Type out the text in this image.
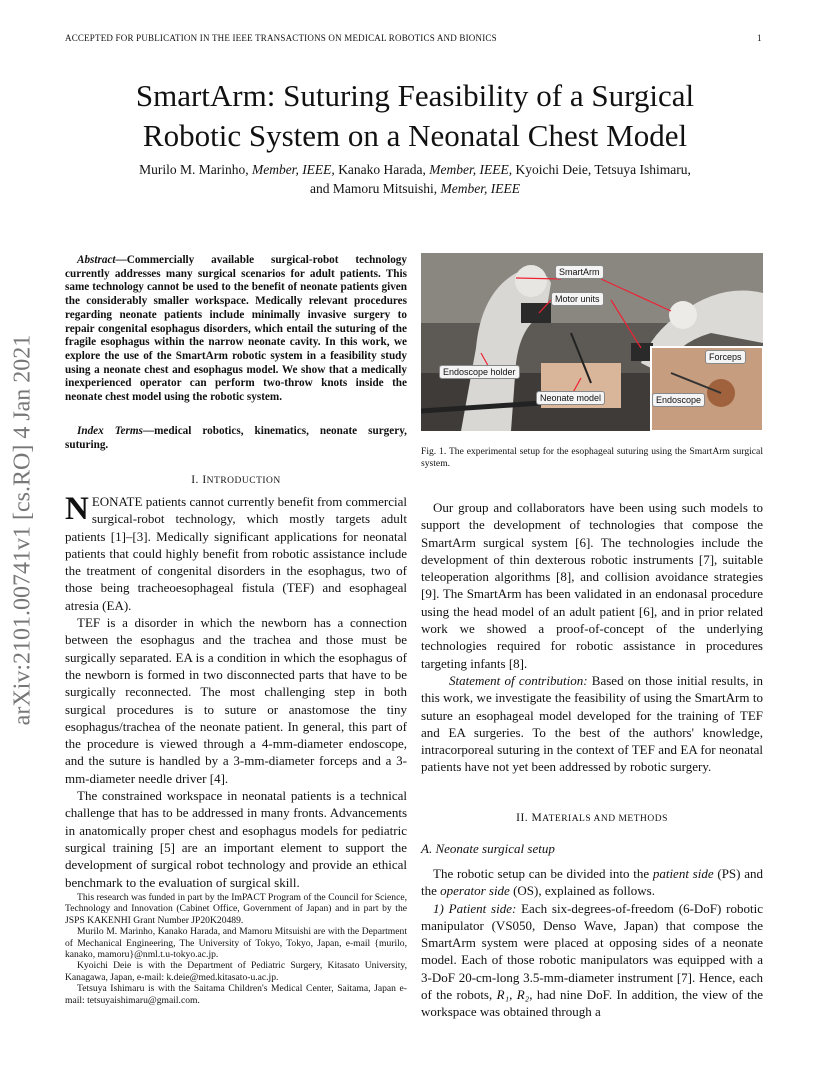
ACCEPTED FOR PUBLICATION IN THE IEEE TRANSACTIONS ON MEDICAL ROBOTICS AND BIONICS	1
SmartArm: Suturing Feasibility of a Surgical
Robotic System on a Neonatal Chest Model
Murilo M. Marinho, Member, IEEE, Kanako Harada, Member, IEEE, Kyoichi Deie, Tetsuya Ishimaru,
and Mamoru Mitsuishi, Member, IEEE
arXiv:2101.00741v1 [cs.RO] 4 Jan 2021
Abstract—Commercially available surgical-robot technology currently addresses many surgical scenarios for adult patients. This same technology cannot be used to the benefit of neonate patients given the considerably smaller workspace. Medically relevant procedures regarding neonate patients include minimally invasive surgery to repair congenital esophagus disorders, which entail the suturing of the fragile esophagus within the narrow neonate cavity. In this work, we explore the use of the SmartArm robotic system in a feasibility study using a neonate chest and esophagus model. We show that a medically inexperienced operator can perform two-throw knots inside the neonate chest model using the robotic system.
Index Terms—medical robotics, kinematics, neonate surgery, suturing.
I. INTRODUCTION

NEONATE patients cannot currently benefit from commercial surgical-robot technology, which mostly targets adult patients [1]–[3]. Medically significant applications for neonatal patients that could highly benefit from robotic assistance include the treatment of congenital disorders in the esophagus, two of those being tracheoesophageal fistula (TEF) and esophageal atresia (EA).

TEF is a disorder in which the newborn has a connection between the esophagus and the trachea and those must be surgically separated. EA is a condition in which the esophagus of the newborn is formed in two disconnected parts that have to be surgically reconnected. The most challenging step in both surgical procedures is to suture or anastomose the tiny esophagus/trachea of the neonate patient. In general, this part of the procedure is viewed through a 4-mm-diameter endoscope, and the suture is handled by a 3-mm-diameter forceps and a 3-mm-diameter needle driver [4].

The constrained workspace in neonatal patients is a technical challenge that has to be addressed in many fronts. Advancements in anatomically proper chest and esophagus models for pediatric surgical training [5] are an important element to support the development of surgical robot technology and provide an ethical benchmark to the evaluation of surgical skill.

This research was funded in part by the ImPACT Program of the Council for Science, Technology and Innovation (Cabinet Office, Government of Japan) and in part by the JSPS KAKENHI Grant Number JP20K20489.

Murilo M. Marinho, Kanako Harada, and Mamoru Mitsuishi are with the Department of Mechanical Engineering, The University of Tokyo, Tokyo, Japan, e-mail {murilo, kanako, mamoru}@nml.t.u-tokyo.ac.jp.

Kyoichi Deie is with the Department of Pediatric Surgery, Kitasato University, Kanagawa, Japan, e-mail: k.deie@med.kitasato-u.ac.jp.

Tetsuya Ishimaru is with the Saitama Children's Medical Center, Saitama, Japan e-mail: tetsuyaishimaru@gmail.com.

SmartArm
Motor units
Forceps
Endoscope holder
Neonate model	Endoscope
Fig. 1. The experimental setup for the esophageal suturing using the SmartArm surgical system.

Our group and collaborators have been using such models to support the development of technologies that compose the SmartArm surgical system [6]. The technologies include the development of thin dexterous robotic instruments [7], suitable teleoperation algorithms [8], and collision avoidance strategies [9]. The SmartArm has been validated in an endonasal procedure using the head model of an adult patient [6], and in prior related work we showed a proof-of-concept of the underlying technologies required for robotic assistance in procedures targeting infants [8].

Statement of contribution: Based on those initial results, in this work, we investigate the feasibility of using the SmartArm to suture an esophageal model developed for the training of TEF and EA surgeries. To the best of the authors' knowledge, intracorporeal suturing in the context of TEF and EA for neonatal patients have not yet been addressed by robotic surgery.

II. MATERIALS AND METHODS
A. Neonate surgical setup

The robotic setup can be divided into the patient side (PS) and the operator side (OS), explained as follows.

1) Patient side: Each six-degrees-of-freedom (6-DoF) robotic manipulator (VS050, Denso Wave, Japan) that compose the SmartArm system were placed at opposing sides of a neonate model. Each of those robotic manipulators was equipped with a 3-DoF 20-cm-long 3.5-mm-diameter instrument [7]. Hence, each of the robots, R₁, R₂, had nine DoF. In addition, the view of the workspace was obtained through a
